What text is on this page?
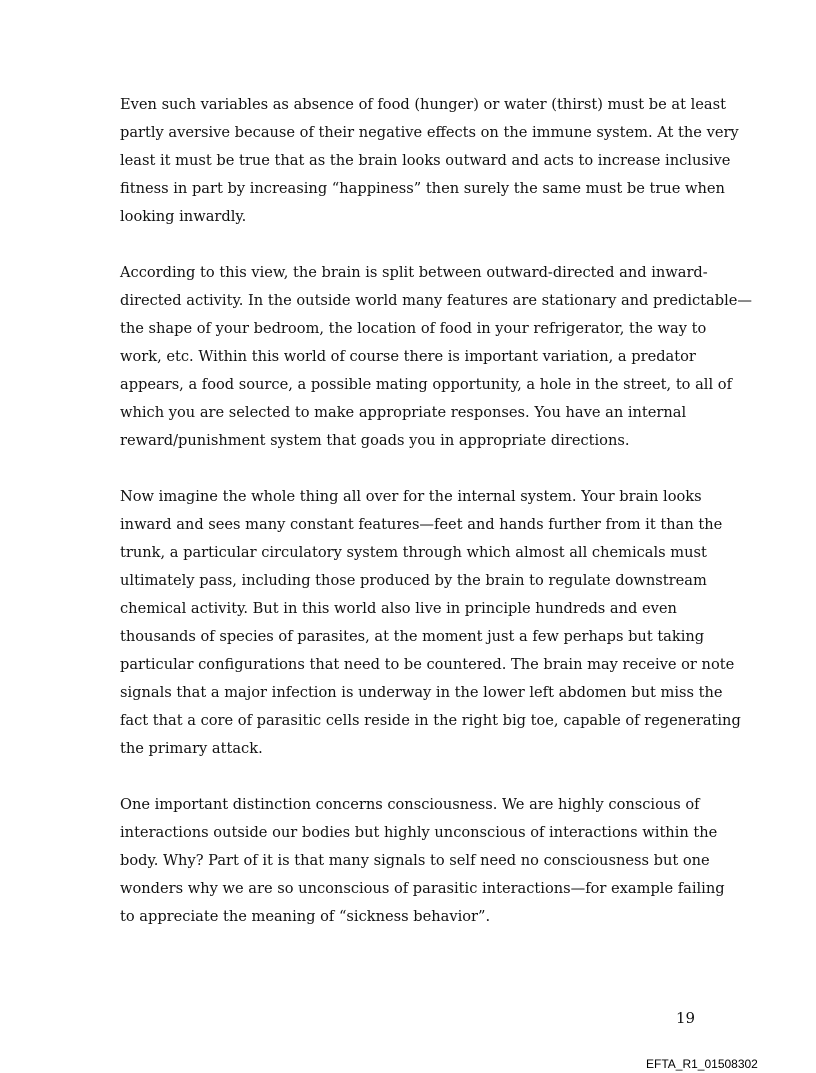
Even such variables as absence of food (hunger) or water (thirst) must be at least

partly aversive because of their negative effects on the immune system. At the very

least it must be true that as the brain looks outward and acts to increase inclusive

fitness in part by increasing “happiness” then surely the same must be true when

looking inwardly.

According to this view, the brain is split between outward-directed and inward-

directed activity. In the outside world many features are stationary and predictable—

the shape of your bedroom, the location of food in your refrigerator, the way to

work, etc. Within this world of course there is important variation, a predator

appears, a food source, a possible mating opportunity, a hole in the street, to all of

which you are selected to make appropriate responses. You have an internal

reward/punishment system that goads you in appropriate directions.

Now imagine the whole thing all over for the internal system. Your brain looks

inward and sees many constant features—feet and hands further from it than the

trunk, a particular circulatory system through which almost all chemicals must

ultimately pass, including those produced by the brain to regulate downstream

chemical activity. But in this world also live in principle hundreds and even

thousands of species of parasites, at the moment just a few perhaps but taking

particular configurations that need to be countered. The brain may receive or note

signals that a major infection is underway in the lower left abdomen but miss the

fact that a core of parasitic cells reside in the right big toe, capable of regenerating

the primary attack.

One important distinction concerns consciousness. We are highly conscious of

interactions outside our bodies but highly unconscious of interactions within the

body. Why? Part of it is that many signals to self need no consciousness but one

wonders why we are so unconscious of parasitic interactions—for example failing

to appreciate the meaning of “sickness behavior”.

19
EFTA_R1_01508302
